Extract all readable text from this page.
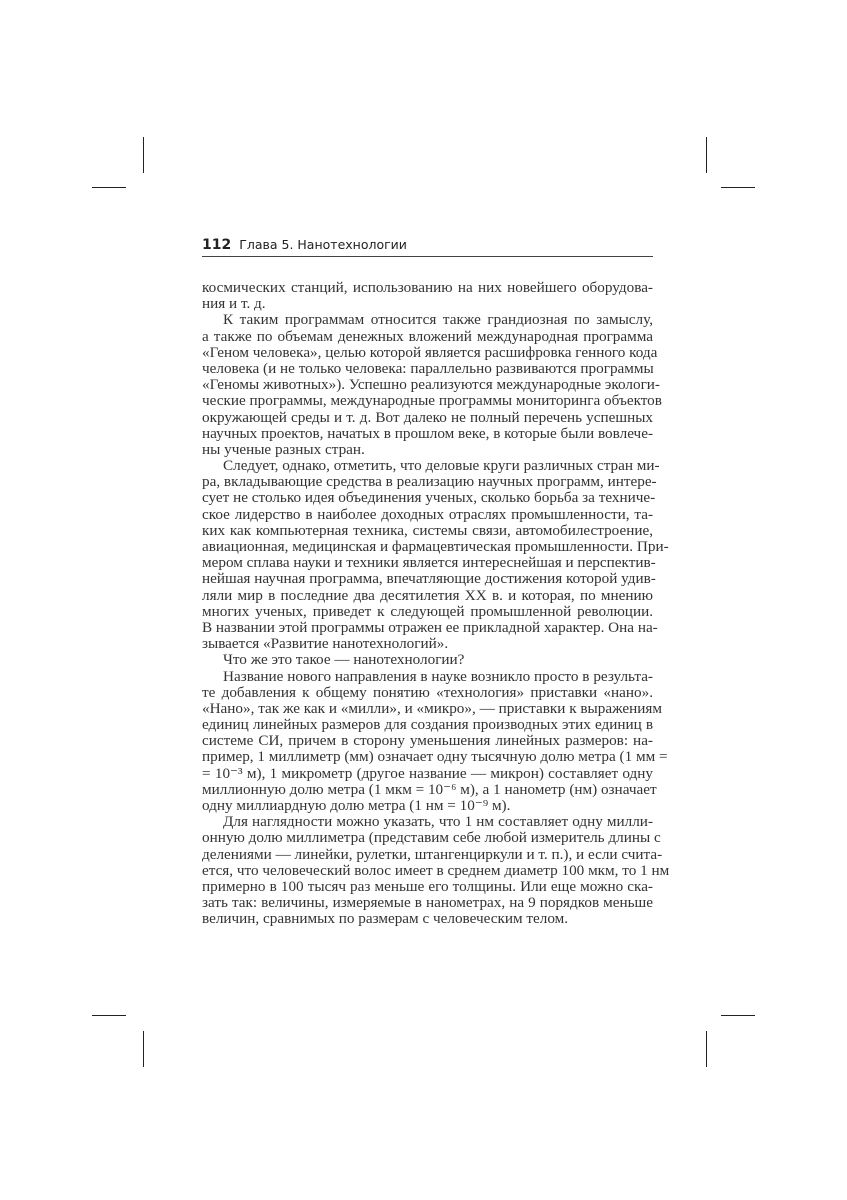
112 Глава 5. Нанотехнологии
космических станций, использованию на них новейшего оборудова-
ния и т. д.
К таким программам относится также грандиозная по замыслу,
а также по объемам денежных вложений международная программа
«Геном человека», целью которой является расшифровка генного кода
человека (и не только человека: параллельно развиваются программы
«Геномы животных»). Успешно реализуются международные экологи-
ческие программы, международные программы мониторинга объектов
окружающей среды и т. д. Вот далеко не полный перечень успешных
научных проектов, начатых в прошлом веке, в которые были вовлече-
ны ученые разных стран.
Следует, однако, отметить, что деловые круги различных стран ми-
ра, вкладывающие средства в реализацию научных программ, интере-
сует не столько идея объединения ученых, сколько борьба за техниче-
ское лидерство в наиболее доходных отраслях промышленности, та-
ких как компьютерная техника, системы связи, автомобилестроение,
авиационная, медицинская и фармацевтическая промышленности. При-
мером сплава науки и техники является интереснейшая и перспектив-
нейшая научная программа, впечатляющие достижения которой удив-
ляли мир в последние два десятилетия XX в. и которая, по мнению
многих ученых, приведет к следующей промышленной революции.
В названии этой программы отражен ее прикладной характер. Она на-
зывается «Развитие нанотехнологий».
Что же это такое — нанотехнологии?
Название нового направления в науке возникло просто в результа-
те добавления к общему понятию «технология» приставки «нано».
«Нано», так же как и «милли», и «микро», — приставки к выражениям
единиц линейных размеров для создания производных этих единиц в
системе СИ, причем в сторону уменьшения линейных размеров: на-
пример, 1 миллиметр (мм) означает одну тысячную долю метра (1 мм =
= 10⁻³ м), 1 микрометр (другое название — микрон) составляет одну
миллионную долю метра (1 мкм = 10⁻⁶ м), а 1 нанометр (нм) означает
одну миллиардную долю метра (1 нм = 10⁻⁹ м).
Для наглядности можно указать, что 1 нм составляет одну милли-
онную долю миллиметра (представим себе любой измеритель длины с
делениями — линейки, рулетки, штангенциркули и т. п.), и если счита-
ется, что человеческий волос имеет в среднем диаметр 100 мкм, то 1 нм
примерно в 100 тысяч раз меньше его толщины. Или еще можно ска-
зать так: величины, измеряемые в нанометрах, на 9 порядков меньше
величин, сравнимых по размерам с человеческим телом.
